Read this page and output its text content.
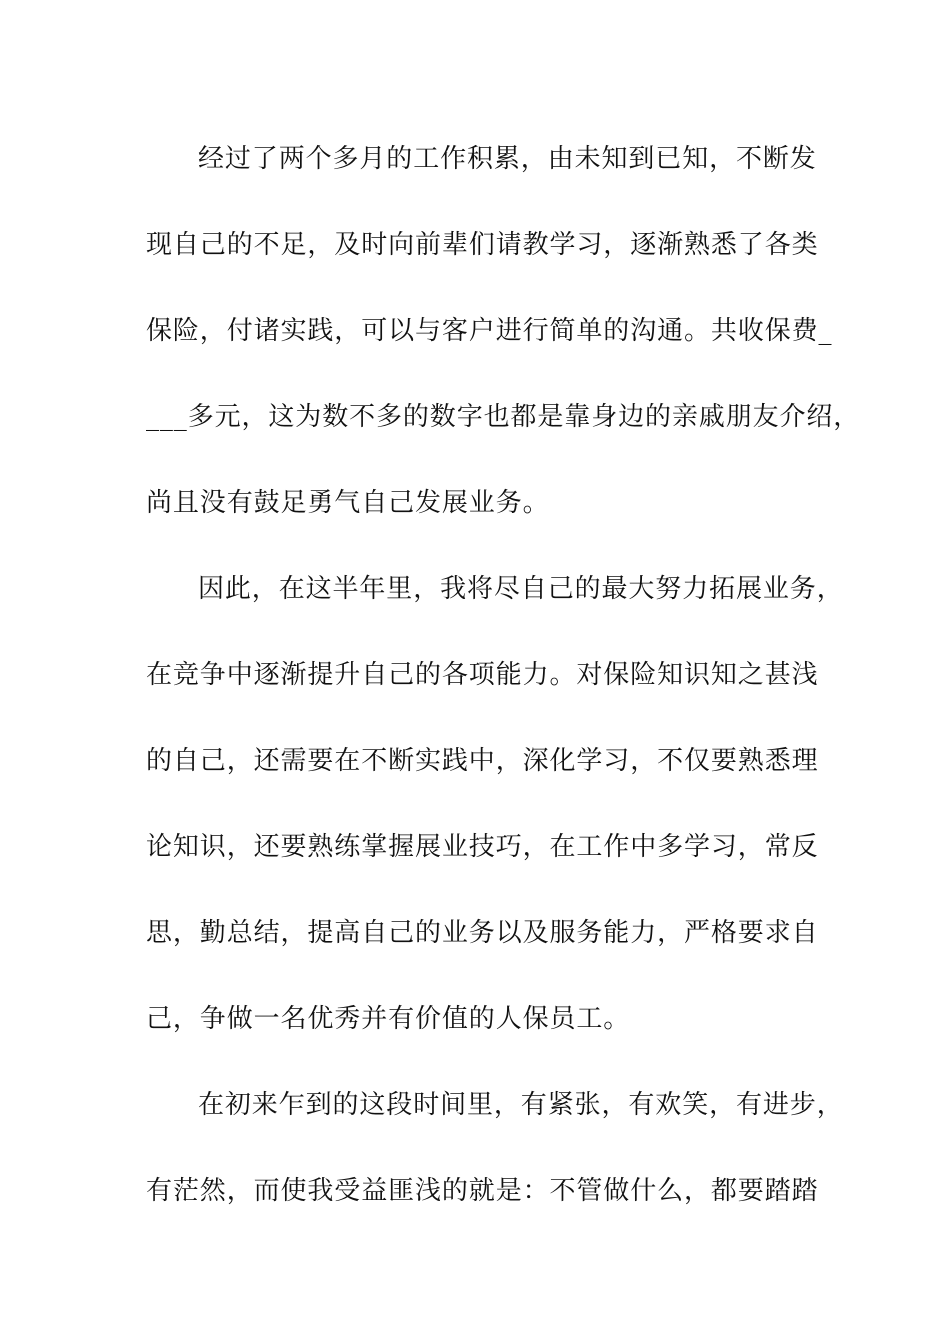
经过了两个多月的工作积累，由未知到已知，不断发
现自己的不足，及时向前辈们请教学习，逐渐熟悉了各类
保险，付诸实践，可以与客户进行简单的沟通。共收保费_
___多元，这为数不多的数字也都是靠身边的亲戚朋友介绍，
尚且没有鼓足勇气自己发展业务。
因此，在这半年里，我将尽自己的最大努力拓展业务，
在竞争中逐渐提升自己的各项能力。对保险知识知之甚浅
的自己，还需要在不断实践中，深化学习，不仅要熟悉理
论知识，还要熟练掌握展业技巧，在工作中多学习，常反
思，勤总结，提高自己的业务以及服务能力，严格要求自
己，争做一名优秀并有价值的人保员工。
在初来乍到的这段时间里，有紧张，有欢笑，有进步，
有茫然，而使我受益匪浅的就是：不管做什么，都要踏踏
